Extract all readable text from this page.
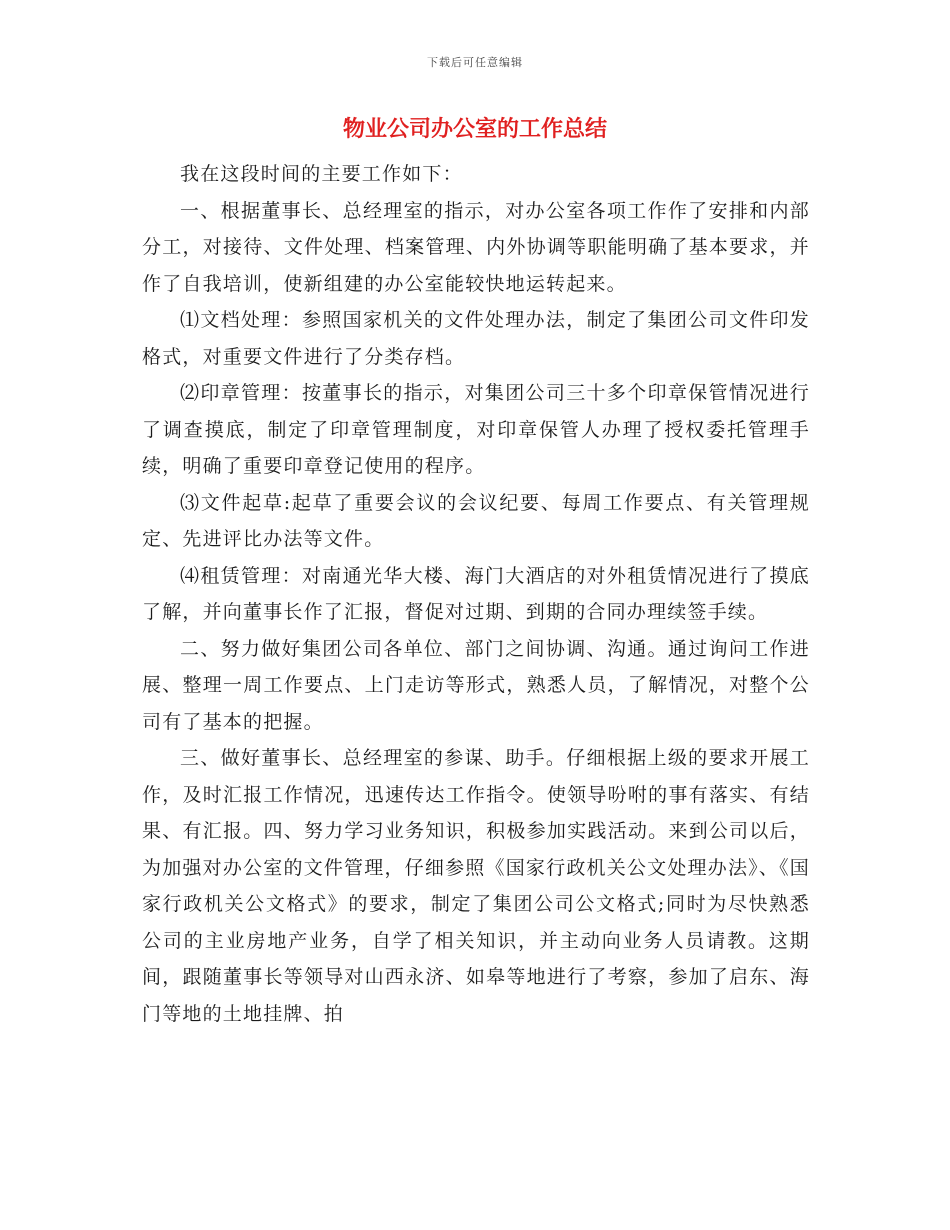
下载后可任意编辑
物业公司办公室的工作总结

我在这段时间的主要工作如下：

一、根据董事长、总经理室的指示，对办公室各项工作作了安排和内部分工，对接待、文件处理、档案管理、内外协调等职能明确了基本要求，并作了自我培训，使新组建的办公室能较快地运转起来。

⑴文档处理：参照国家机关的文件处理办法，制定了集团公司文件印发格式，对重要文件进行了分类存档。

⑵印章管理：按董事长的指示，对集团公司三十多个印章保管情况进行了调查摸底，制定了印章管理制度，对印章保管人办理了授权委托管理手续，明确了重要印章登记使用的程序。

⑶文件起草:起草了重要会议的会议纪要、每周工作要点、有关管理规定、先进评比办法等文件。

⑷租赁管理：对南通光华大楼、海门大酒店的对外租赁情况进行了摸底了解，并向董事长作了汇报，督促对过期、到期的合同办理续签手续。

二、努力做好集团公司各单位、部门之间协调、沟通。通过询问工作进展、整理一周工作要点、上门走访等形式，熟悉人员，了解情况，对整个公司有了基本的把握。

三、做好董事长、总经理室的参谋、助手。仔细根据上级的要求开展工作，及时汇报工作情况，迅速传达工作指令。使领导吩咐的事有落实、有结果、有汇报。四、努力学习业务知识，积极参加实践活动。来到公司以后，为加强对办公室的文件管理，仔细参照《国家行政机关公文处理办法》、《国家行政机关公文格式》的要求，制定了集团公司公文格式;同时为尽快熟悉公司的主业房地产业务，自学了相关知识，并主动向业务人员请教。这期间，跟随董事长等领导对山西永济、如皋等地进行了考察，参加了启东、海门等地的土地挂牌、拍
